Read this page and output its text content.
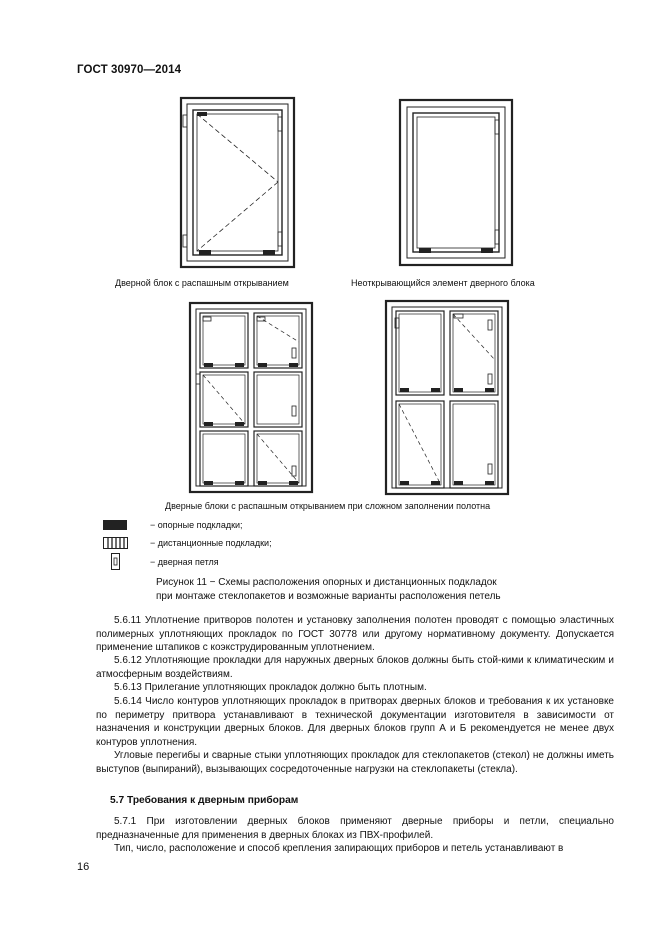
ГОСТ 30970—2014
Дверной блок с распашным открыванием	Неоткрывающийся элемент дверного блока
Дверные блоки с распашным открыванием при сложном заполнении полотна
− опорные подкладки;
− дистанционные подкладки;
− дверная петля
Рисунок 11 − Схемы расположения опорных и дистанционных подкладок
при монтаже стеклопакетов и возможные варианты расположения петель
5.6.11 Уплотнение притворов полотен и установку заполнения полотен проводят с помощью эластичных полимерных уплотняющих прокладок по ГОСТ 30778 или другому нормативному документу. Допускается применение штапиков с коэкструдированным уплотнением.
5.6.12 Уплотняющие прокладки для наружных дверных блоков должны быть стой-кими к климатическим и атмосферным воздействиям.
5.6.13 Прилегание уплотняющих прокладок должно быть плотным.
5.6.14 Число контуров уплотняющих прокладок в притворах дверных блоков и требования к их установке по периметру притвора устанавливают в технической документации изготовителя в зависимости от назначения и конструкции дверных блоков. Для дверных блоков групп А и Б рекомендуется не менее двух контуров уплотнения.
Угловые перегибы и сварные стыки уплотняющих прокладок для стеклопакетов (стекол) не должны иметь выступов (выпираний), вызывающих сосредоточенные нагрузки на стеклопакеты (стекла).
5.7 Требования к дверным приборам
5.7.1 При изготовлении дверных блоков применяют дверные приборы и петли, специально предназначенные для применения в дверных блоках из ПВХ-профилей.
Тип, число, расположение и способ крепления запирающих приборов и петель устанавливают в
16
